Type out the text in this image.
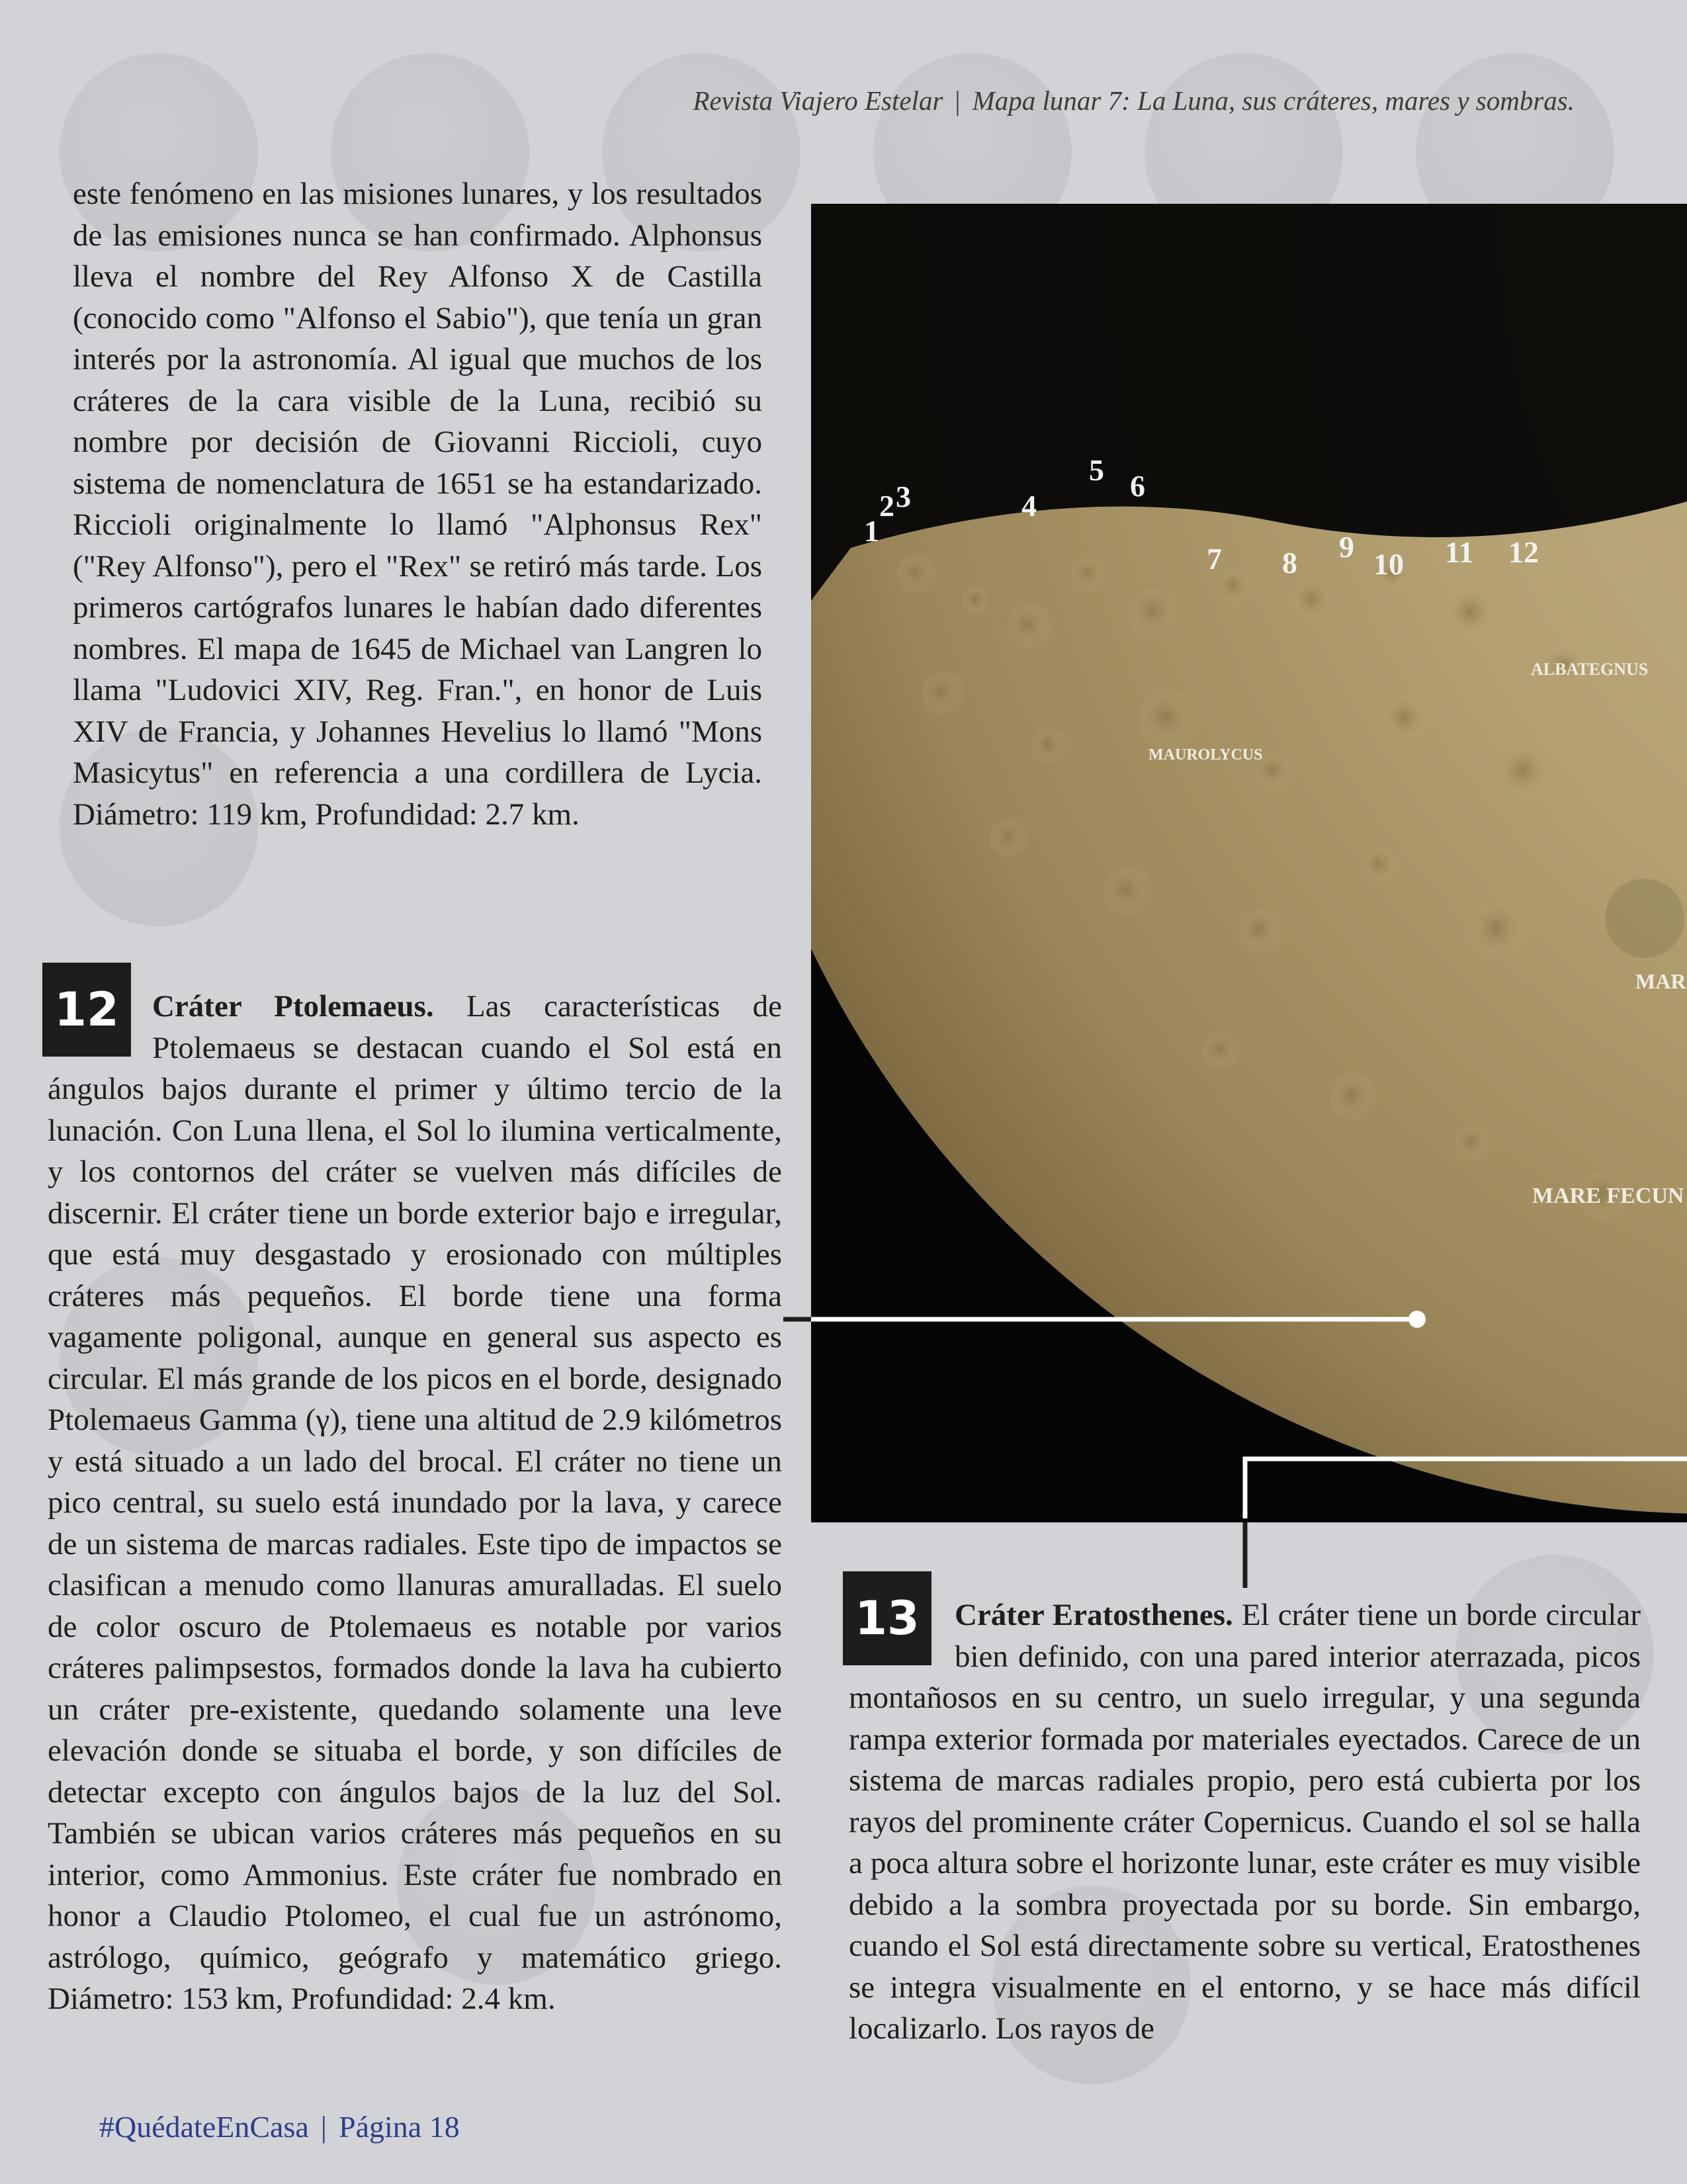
Revista Viajero Estelar | Mapa lunar 7: La Luna, sus cráteres, mares y sombras.
este fenómeno en las misiones lunares, y los resultados de las emisiones nunca se han confirmado. Alphonsus lleva el nombre del Rey Alfonso X de Castilla (conocido como "Alfonso el Sabio"), que tenía un gran interés por la astronomía. Al igual que muchos de los cráteres de la cara visible de la Luna, recibió su nombre por decisión de Giovanni Riccioli, cuyo sistema de nomenclatura de 1651 se ha estandarizado. Riccioli originalmente lo llamó "Alphonsus Rex" ("Rey Alfonso"), pero el "Rex" se retiró más tarde. Los primeros cartógrafos lunares le habían dado diferentes nombres. El mapa de 1645 de Michael van Langren lo llama "Ludovici XIV, Reg. Fran.", en honor de Luis XIV de Francia, y Johannes Hevelius lo llamó "Mons Masicytus" en referencia a una cordillera de Lycia. Diámetro: 119 km, Profundidad: 2.7 km.
12	Cráter Ptolemaeus. Las características de Ptolemaeus se destacan cuando el Sol está en ángulos bajos durante el primer y último tercio de la lunación. Con Luna llena, el Sol lo ilumina verticalmente, y los contornos del cráter se vuelven más difíciles de discernir. El cráter tiene un borde exterior bajo e irregular, que está muy desgastado y erosionado con múltiples cráteres más pequeños. El borde tiene una forma vagamente poligonal, aunque en general sus aspecto es circular. El más grande de los picos en el borde, designado Ptolemaeus Gamma (γ), tiene una altitud de 2.9 kilómetros y está situado a un lado del brocal. El cráter no tiene un pico central, su suelo está inundado por la lava, y carece de un sistema de marcas radiales. Este tipo de impactos se clasifican a menudo como llanuras amuralladas. El suelo de color oscuro de Ptolemaeus es notable por varios cráteres palimpsestos, formados donde la lava ha cubierto un cráter pre-existente, quedando solamente una leve elevación donde se situaba el borde, y son difíciles de detectar excepto con ángulos bajos de la luz del Sol. También se ubican varios cráteres más pequeños en su interior, como Ammonius. Este cráter fue nombrado en honor a Claudio Ptolomeo, el cual fue un astrónomo, astrólogo, químico, geógrafo y matemático griego. Diámetro: 153 km, Profundidad: 2.4 km.
1
2 3	4
5 6
7 8 9
10 11 12
ALBATEGNUS
MAUROLYCUS
MAR
MARE FECUN
13	Cráter Eratosthenes. El cráter tiene un borde circular bien definido, con una pared interior aterrazada, picos montañosos en su centro, un suelo irregular, y una segunda rampa exterior formada por materiales eyectados. Carece de un sistema de marcas radiales propio, pero está cubierta por los rayos del prominente cráter Copernicus. Cuando el sol se halla a poca altura sobre el horizonte lunar, este cráter es muy visible debido a la sombra proyectada por su borde. Sin embargo, cuando el Sol está directamente sobre su vertical, Eratosthenes se integra visualmente en el entorno, y se hace más difícil localizarlo. Los rayos de
#QuédateEnCasa | Página 18
